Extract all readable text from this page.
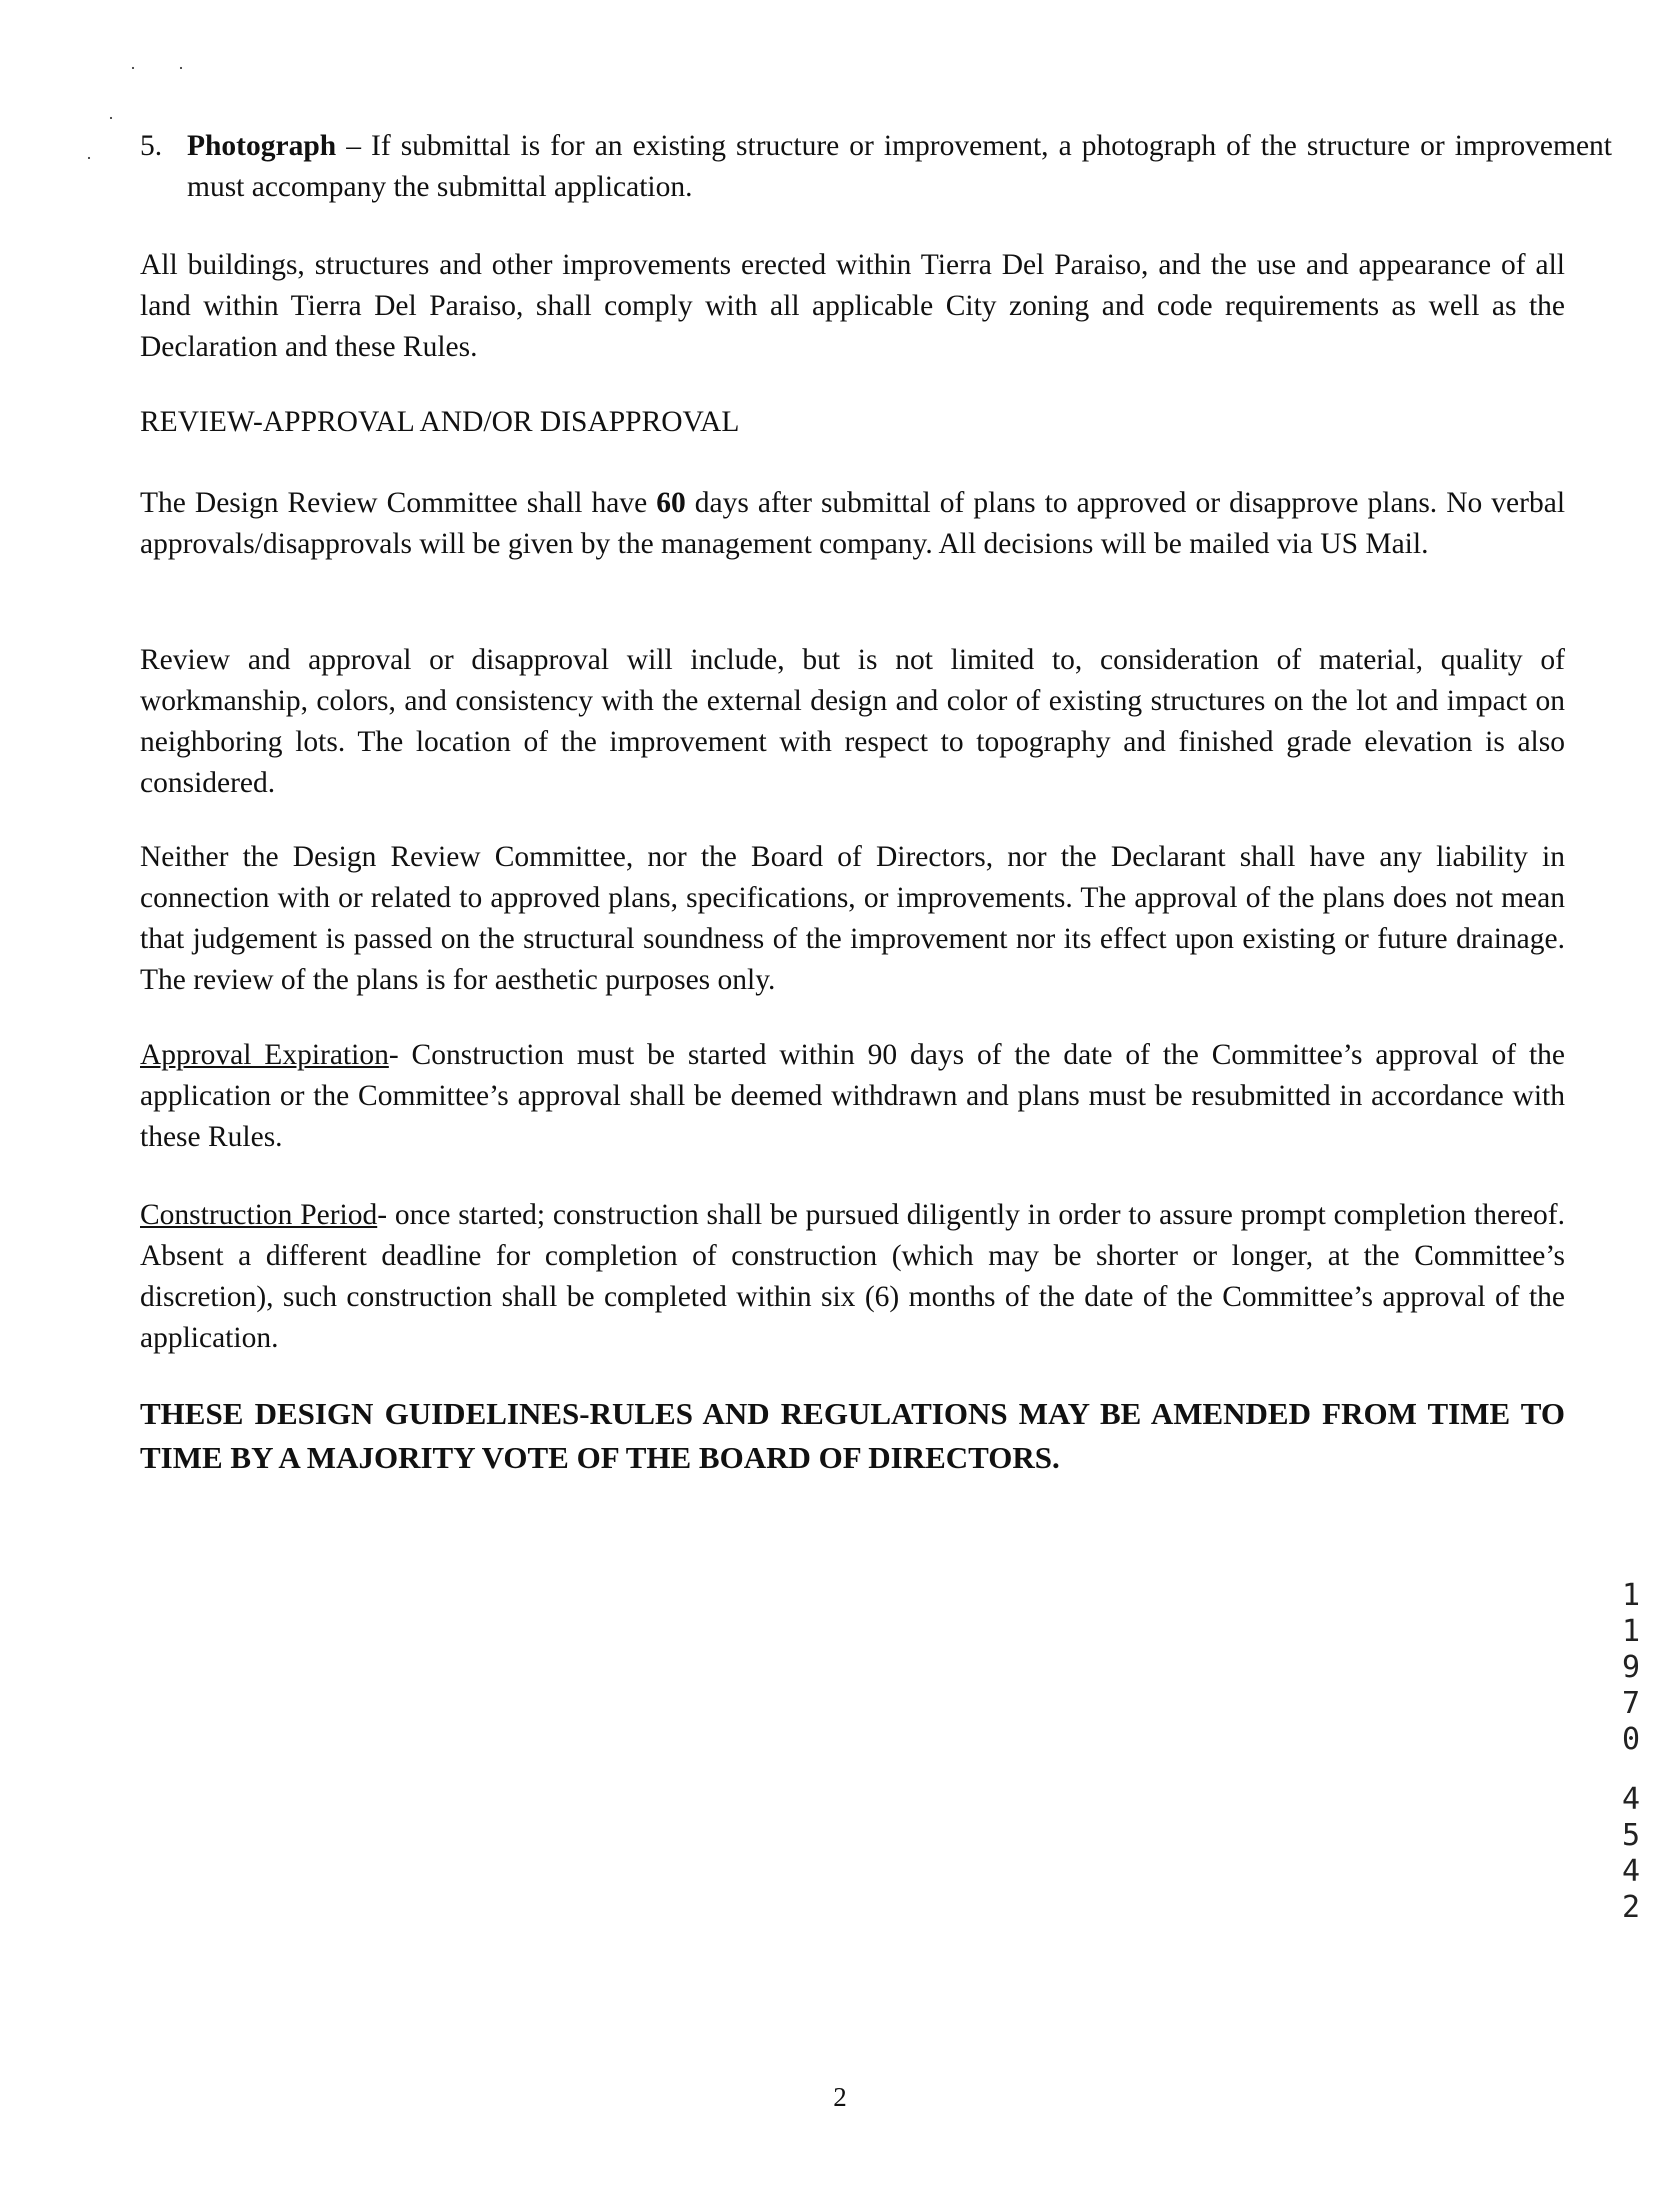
· ·
·
· 5. Photograph – If submittal is for an existing structure or improvement, a photograph of the structure or improvement must accompany the submittal application.

All buildings, structures and other improvements erected within Tierra Del Paraiso, and the use and appearance of all land within Tierra Del Paraiso, shall comply with all applicable City zoning and code requirements as well as the Declaration and these Rules.

REVIEW-APPROVAL AND/OR DISAPPROVAL

The Design Review Committee shall have 60 days after submittal of plans to approved or disapprove plans. No verbal approvals/disapprovals will be given by the management company. All decisions will be mailed via US Mail.

Review and approval or disapproval will include, but is not limited to, consideration of material, quality of workmanship, colors, and consistency with the external design and color of existing structures on the lot and impact on neighboring lots. The location of the improvement with respect to topography and finished grade elevation is also considered.

Neither the Design Review Committee, nor the Board of Directors, nor the Declarant shall have any liability in connection with or related to approved plans, specifications, or improvements. The approval of the plans does not mean that judgement is passed on the structural soundness of the improvement nor its effect upon existing or future drainage. The review of the plans is for aesthetic purposes only.

Approval Expiration- Construction must be started within 90 days of the date of the Committee’s approval of the application or the Committee’s approval shall be deemed withdrawn and plans must be resubmitted in accordance with these Rules.

Construction Period- once started; construction shall be pursued diligently in order to assure prompt completion thereof. Absent a different deadline for completion of construction (which may be shorter or longer, at the Committee’s discretion), such construction shall be completed within six (6) months of the date of the Committee’s approval of the application.

THESE DESIGN GUIDELINES-RULES AND REGULATIONS MAY BE AMENDED FROM TIME TO TIME BY A MAJORITY VOTE OF THE BOARD OF DIRECTORS.

1
1
9
7
0
4
5
4
2

2
